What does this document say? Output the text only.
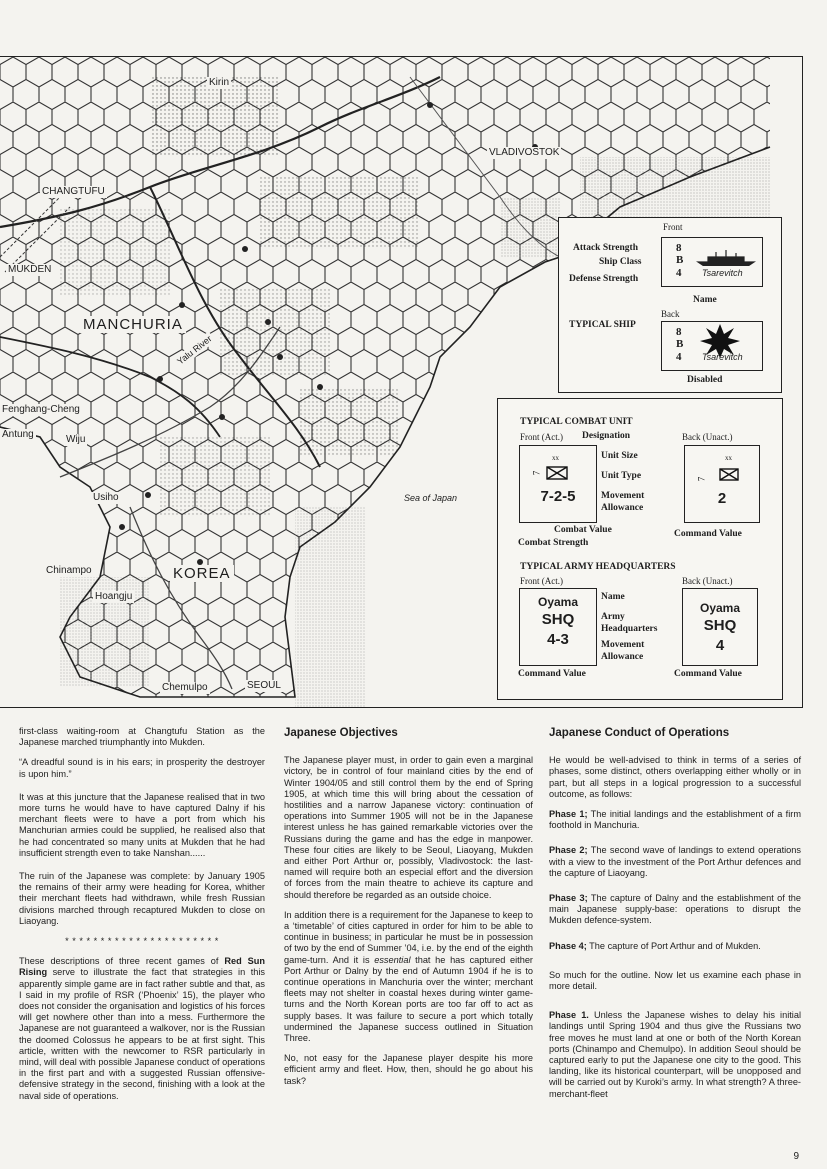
Kirin
VLADIVOSTOK
CHANGTUFU
MUKDEN
MANCHURIA
Yalu River
Fenghang-Cheng
Antung	Wiju
Usiho
Chinampo	KOREA
Hoangju
Chemulpo	SEOUL
Sea of Japan
Front
Attack Strength
Ship Class
Defense Strength
8
B
4 Tsarevitch
Name
Back
TYPICAL SHIP
8
B
4 Tsarevitch
Disabled
TYPICAL COMBAT UNIT
Front (Act.) Designation	Back (Unact.)
xx
7
7-2-5
Unit Size
Unit Type
Movement
Allowance
xx
7
2
Combat Value	Command Value
Combat Strength
TYPICAL ARMY HEADQUARTERS
Front (Act.)	Back (Unact.)
Oyama
SHQ
4-3
Name
Army
Headquarters
Movement
Allowance
Oyama
SHQ
4
Command Value	Command Value

first-class waiting-room at Changtufu Station as the Japanese marched triumphantly into Mukden.

“A dreadful sound is in his ears; in prosperity the destroyer is upon him.”

It was at this juncture that the Japanese realised that in two more turns he would have to have captured Dalny if his merchant fleets were to have a port from which his Manchurian armies could be supplied, he realised also that he had concentrated so many units at Mukden that he had insufficient strength even to take Nanshan......

The ruin of the Japanese was complete: by January 1905 the remains of their army were heading for Korea, whither their merchant fleets had withdrawn, while fresh Russian divisions marched through recaptured Mukden to close on Liaoyang.

* * * * * * * * * * * * * * * * * * * * * *

These descriptions of three recent games of Red Sun Rising serve to illustrate the fact that strategies in this apparently simple game are in fact rather subtle and that, as I said in my profile of RSR (‘Phoenix’ 15), the player who does not consider the organisation and logistics of his forces will get nowhere other than into a mess. Furthermore the Japanese are not guaranteed a walkover, nor is the Russian the doomed Colossus he appears to be at first sight. This article, written with the newcomer to RSR particularly in mind, will deal with possible Japanese conduct of operations in the first part and with a suggested Russian offensive-defensive strategy in the second, finishing with a look at the naval side of operations.

Japanese Objectives

The Japanese player must, in order to gain even a marginal victory, be in control of four mainland cities by the end of Winter 1904/05 and still control them by the end of Spring 1905, at which time this will bring about the cessation of hostilities and a narrow Japanese victory: continuation of operations into Summer 1905 will not be in the Japanese interest unless he has gained remarkable victories over the Russians during the game and has the edge in manpower. These four cities are likely to be Seoul, Liaoyang, Mukden and either Port Arthur or, possibly, Vladivostock: the last-named will require both an especial effort and the diversion of forces from the main theatre to achieve its capture and should therefore be regarded as an outside choice.

In addition there is a requirement for the Japanese to keep to a ‘timetable’ of cities captured in order for him to be able to continue in business; in particular he must be in possession of two by the end of Summer ’04, i.e. by the end of the eighth game-turn. And it is essential that he has captured either Port Arthur or Dalny by the end of Autumn 1904 if he is to continue operations in Manchuria over the winter; merchant fleets may not shelter in coastal hexes during winter game-turns and the North Korean ports are too far off to act as supply bases. It was failure to secure a port which totally undermined the Japanese success outlined in Situation Three.

No, not easy for the Japanese player despite his more efficient army and fleet. How, then, should he go about his task?

Japanese Conduct of Operations

He would be well-advised to think in terms of a series of phases, some distinct, others overlapping either wholly or in part, but all steps in a logical progression to a successful outcome, as follows:

Phase 1; The initial landings and the establishment of a firm foothold in Manchuria.

Phase 2; The second wave of landings to extend operations with a view to the investment of the Port Arthur defences and the capture of Liaoyang.

Phase 3; The capture of Dalny and the establishment of the main Japanese supply-base: operations to disrupt the Mukden defence-system.

Phase 4; The capture of Port Arthur and of Mukden.

So much for the outline. Now let us examine each phase in more detail.

Phase 1. Unless the Japanese wishes to delay his initial landings until Spring 1904 and thus give the Russians two free moves he must land at one or both of the North Korean ports (Chinampo and Chemulpo). In addition Seoul should be captured early to put the Japanese one city to the good. This landing, like its historical counterpart, will be unopposed and will be carried out by Kuroki’s army. In what strength? A three-merchant-fleet

9
